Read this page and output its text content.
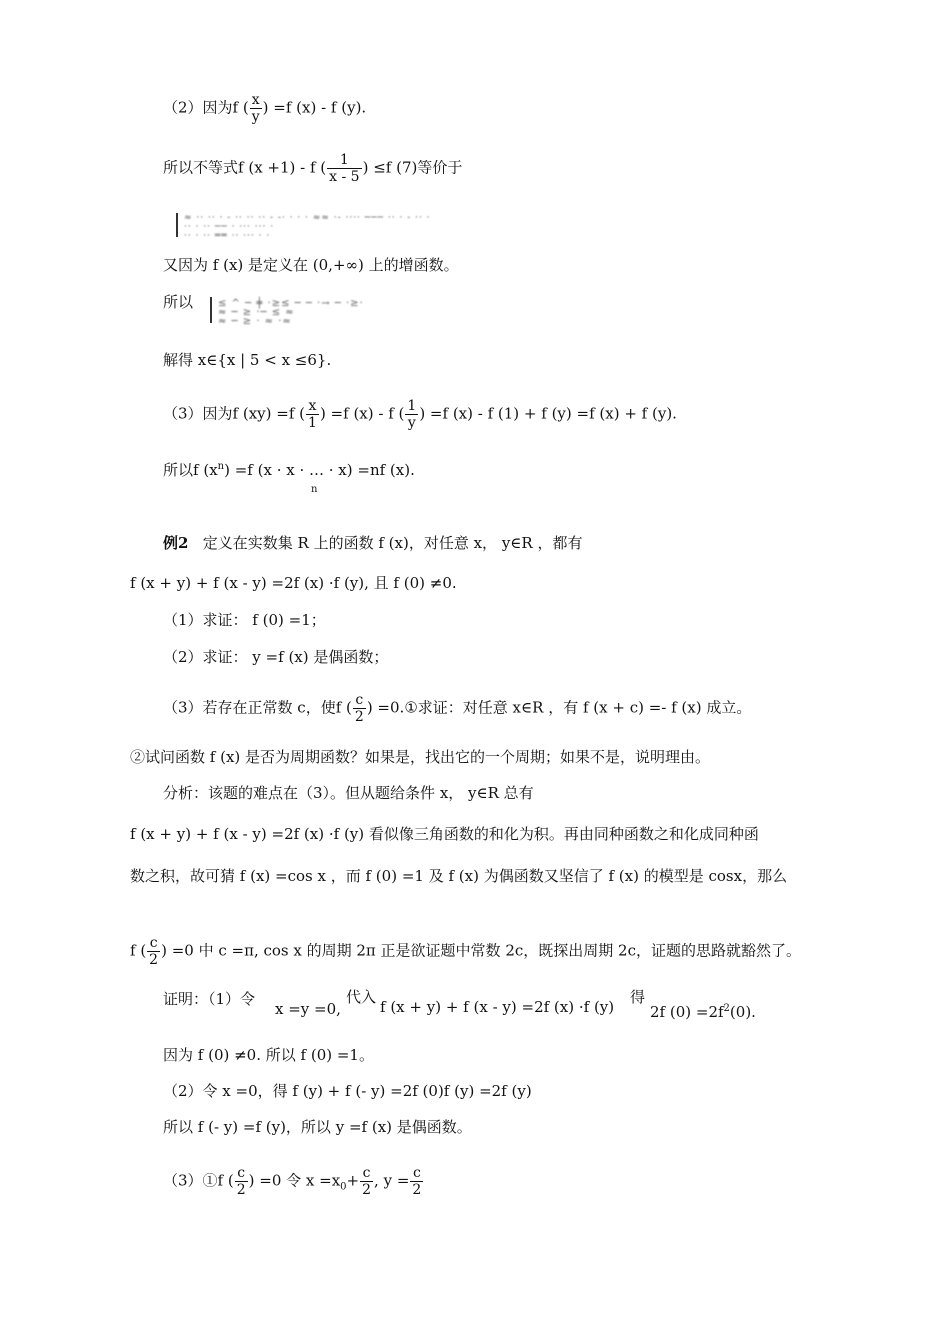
（2）因为f ( $\frac{x}{y}$ ) =f (x) - f (y).
所以不等式f (x +1) - f ( $\frac{1}{x - 5}$ ) ≤f (7)等价于
≈ ·· ·· · - ·· ·· ·· - -· · · · ≈≈ ·- ···· ─── ·· · - ·· ·
·· · ·· ── · ··· ··· ·
·· · ·· ══ ·· ··· · ·
又因为 f (x) 是定义在 (0,+∞) 上的增函数。
所以 ≤ ^ ─ ╪ ·≥≤ ─ ─ ·→ ─ ·≥·
≈ ─ ≥ ·─ ≤ ≈
≈ ─ ≥ · ≈ ·≈
解得 x∈{x | 5 < x ≤6}.
（3）因为f (xy) =f ( $\frac{x}{1}$ ) =f (x) - f ( $\frac{1}{y}$ ) =f (x) - f (1) + f (y) =f (x) + f (y).
所以f $(x^n) =f$ (x · x · … · x) =nf (x).
n
例2 定义在实数集 R 上的函数 f (x)，对任意 x， y∈R ，都有
f (x + y) + f (x - y) =2f (x) ·f (y), 且 f (0) ≠0.
（1）求证： f (0) =1；
（2）求证： y =f (x) 是偶函数；
（3）若存在正常数 c，使f ( $\frac{c}{2}$ ) =0.①求证：对任意 x∈R ，有 f (x + c) =- f (x) 成立。
②试问函数 f (x) 是否为周期函数？如果是，找出它的一个周期；如果不是，说明理由。
分析：该题的难点在（3）。但从题给条件 x， y∈R 总有
f (x + y) + f (x - y) =2f (x) ·f (y) 看似像三角函数的和化为积。再由同种函数之和化成同种函
数之积，故可猜 f (x) =cos x ，而 f (0) =1 及 f (x) 为偶函数又坚信了 f (x) 的模型是 cosx，那么
f ( $\frac{c}{2}$ ) =0 中 c =π, cos x 的周期 2π 正是欲证题中常数 2c，既探出周期 2c，证题的思路就豁然了。
证明：（1）令
x =y =0,
代入
f (x + y) + f (x - y) =2f (x) ·f (y)
得
2f $(0) =2f^2(0)$.
因为 f (0) ≠0. 所以 f (0) =1。
（2）令 x =0，得 f (y) + f (- y) =2f (0)f (y) =2f (y)
所以 f (- y) =f (y)，所以 y =f (x) 是偶函数。
（3）①f ( $\frac{c}{2}$ ) =0 令 $x =x_0+ \frac{c}{2}$ , $y = \frac{c}{2}$
